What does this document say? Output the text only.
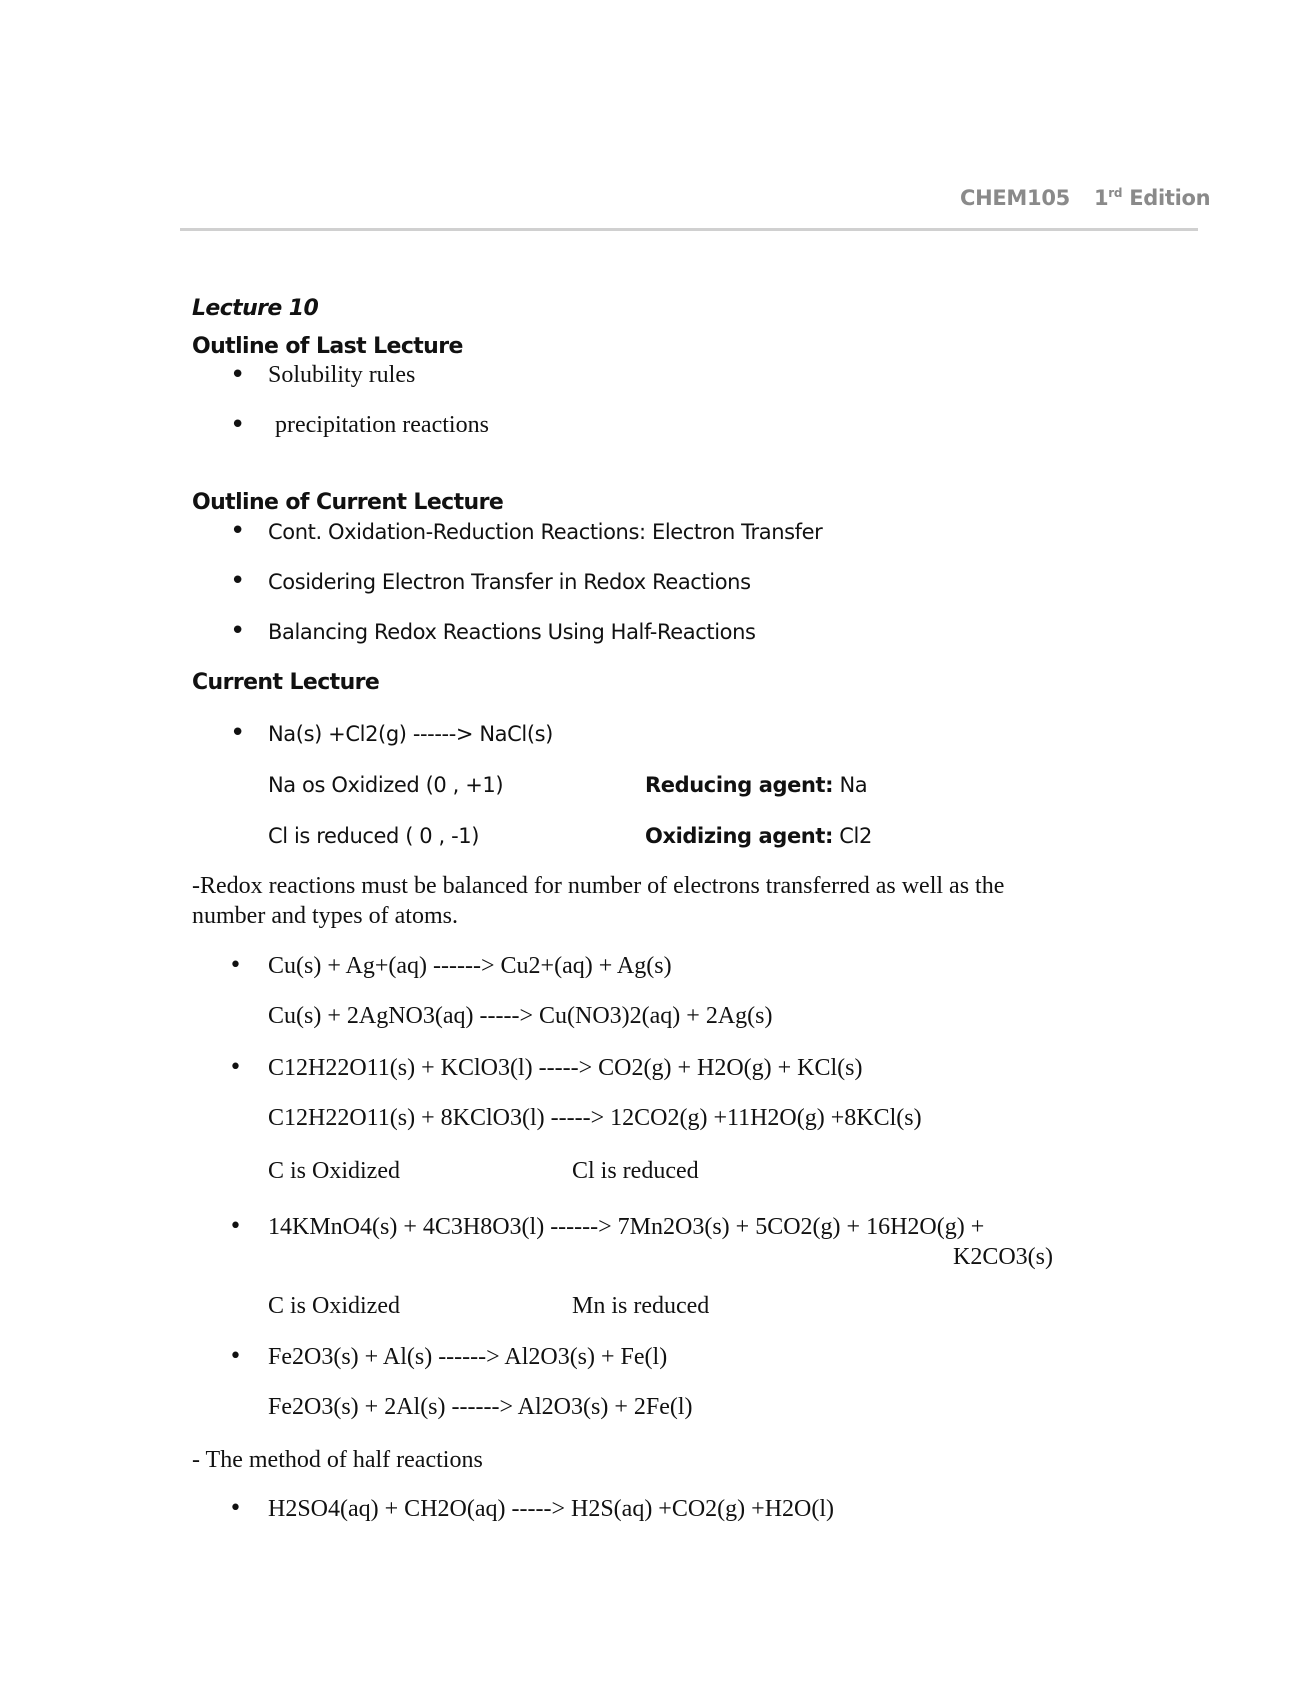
CHEM105 1rd Edition
Lecture 10
Outline of Last Lecture
• Solubility rules
• precipitation reactions
Outline of Current Lecture
• Cont. Oxidation-Reduction Reactions: Electron Transfer
• Cosidering Electron Transfer in Redox Reactions
• Balancing Redox Reactions Using Half-Reactions
Current Lecture
• Na(s) +Cl2(g) ------> NaCl(s)
Na os Oxidized (0 , +1)	Reducing agent: Na
Cl is reduced ( 0 , -1)	Oxidizing agent: Cl2
-Redox reactions must be balanced for number of electrons transferred as well as the
number and types of atoms.
• Cu(s) + Ag+(aq) ------> Cu2+(aq) + Ag(s)
Cu(s) + 2AgNO3(aq) -----> Cu(NO3)2(aq) + 2Ag(s)
• C12H22O11(s) + KClO3(l) -----> CO2(g) + H2O(g) + KCl(s)
C12H22O11(s) + 8KClO3(l) -----> 12CO2(g) +11H2O(g) +8KCl(s)
C is Oxidized	Cl is reduced
• 14KMnO4(s) + 4C3H8O3(l) ------> 7Mn2O3(s) + 5CO2(g) + 16H2O(g) +
K2CO3(s)
C is Oxidized	Mn is reduced
• Fe2O3(s) + Al(s) ------> Al2O3(s) + Fe(l)
Fe2O3(s) + 2Al(s) ------> Al2O3(s) + 2Fe(l)
- The method of half reactions
• H2SO4(aq) + CH2O(aq) -----> H2S(aq) +CO2(g) +H2O(l)
